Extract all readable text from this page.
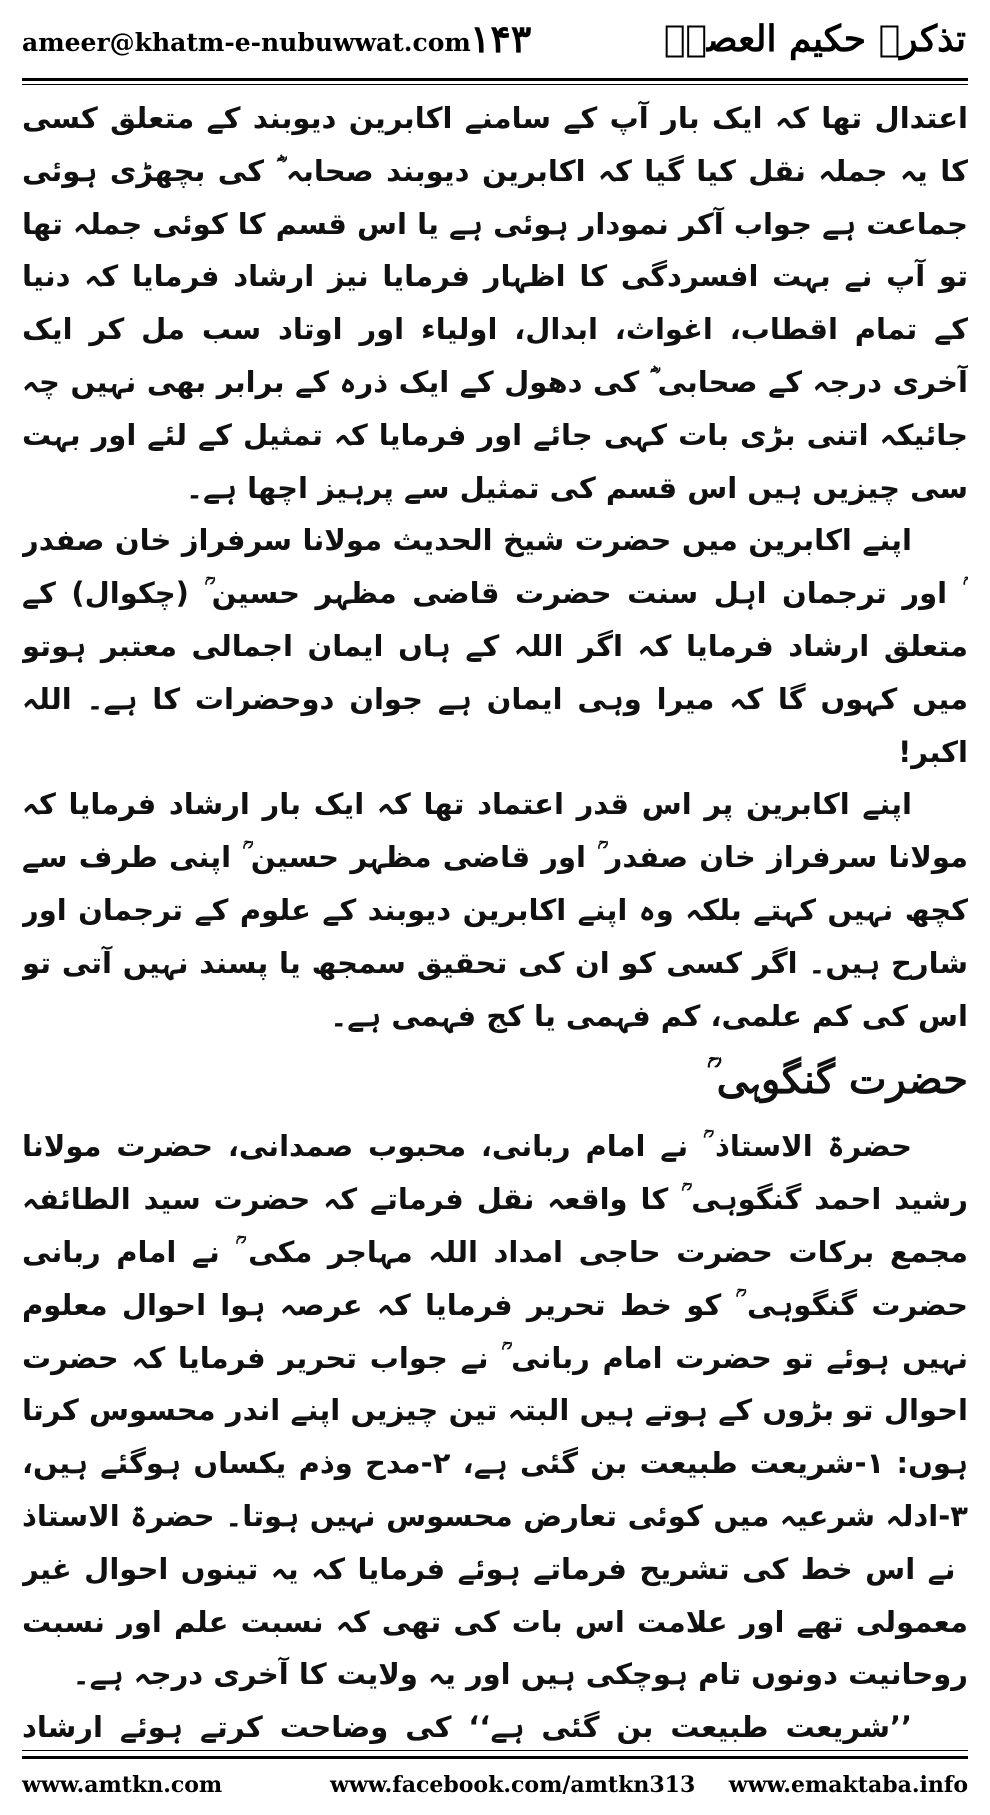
ameer@khatm-e-nubuwwat.com ۱۴۳	تذکرہ حکیم العصرؒ

اعتدال تھا کہ ایک بار آپ کے سامنے اکابرین دیوبند کے متعلق کسی کا یہ جملہ نقل کیا گیا کہ اکابرین دیوبند صحابہ ؓ کی بچھڑی ہوئی جماعت ہے جواب آکر نمودار ہوئی ہے یا اس قسم کا کوئی جملہ تھا تو آپ نے بہت افسردگی کا اظہار فرمایا نیز ارشاد فرمایا کہ دنیا کے تمام اقطاب، اغواث، ابدال، اولیاء اور اوتاد سب مل کر ایک آخری درجہ کے صحابی ؓ کی دھول کے ایک ذرہ کے برابر بھی نہیں چہ جائیکہ اتنی بڑی بات کہی جائے اور فرمایا کہ تمثیل کے لئے اور بہت سی چیزیں ہیں اس قسم کی تمثیل سے پرہیز اچھا ہے۔

اپنے اکابرین میں حضرت شیخ الحدیث مولانا سرفراز خان صفدر ؒ اور ترجمان اہل سنت حضرت قاضی مظہر حسین ؒ (چکوال) کے متعلق ارشاد فرمایا کہ اگر اللہ کے ہاں ایمان اجمالی معتبر ہوتو میں کہوں گا کہ میرا وہی ایمان ہے جوان دوحضرات کا ہے۔ اللہ اکبر!

اپنے اکابرین پر اس قدر اعتماد تھا کہ ایک بار ارشاد فرمایا کہ مولانا سرفراز خان صفدر ؒ اور قاضی مظہر حسین ؒ اپنی طرف سے کچھ نہیں کہتے بلکہ وہ اپنے اکابرین دیوبند کے علوم کے ترجمان اور شارح ہیں۔ اگر کسی کو ان کی تحقیق سمجھ یا پسند نہیں آتی تو اس کی کم علمی، کم فہمی یا کج فہمی ہے۔

حضرت گنگوہی ؒ

حضرۃ الاستاذ ؒ نے امام ربانی، محبوب صمدانی، حضرت مولانا رشید احمد گنگوہی ؒ کا واقعہ نقل فرماتے کہ حضرت سید الطائفہ مجمع برکات حضرت حاجی امداد اللہ مہاجر مکی ؒ نے امام ربانی حضرت گنگوہی ؒ کو خط تحریر فرمایا کہ عرصہ ہوا احوال معلوم نہیں ہوئے تو حضرت امام ربانی ؒ نے جواب تحریر فرمایا کہ حضرت احوال تو بڑوں کے ہوتے ہیں البتہ تین چیزیں اپنے اندر محسوس کرتا ہوں: ۱-شریعت طبیعت بن گئی ہے، ۲-مدح وذم یکساں ہوگئے ہیں، ۳-ادلہ شرعیہ میں کوئی تعارض محسوس نہیں ہوتا۔ حضرۃ الاستاذ ؒ نے اس خط کی تشریح فرماتے ہوئے فرمایا کہ یہ تینوں احوال غیر معمولی تھے اور علامت اس بات کی تھی کہ نسبت علم اور نسبت روحانیت دونوں تام ہوچکی ہیں اور یہ ولایت کا آخری درجہ ہے۔

’’شریعت طبیعت بن گئی ہے‘‘ کی وضاحت کرتے ہوئے ارشاد

www.amtkn.com	www.facebook.com/amtkn313 www.emaktaba.info
